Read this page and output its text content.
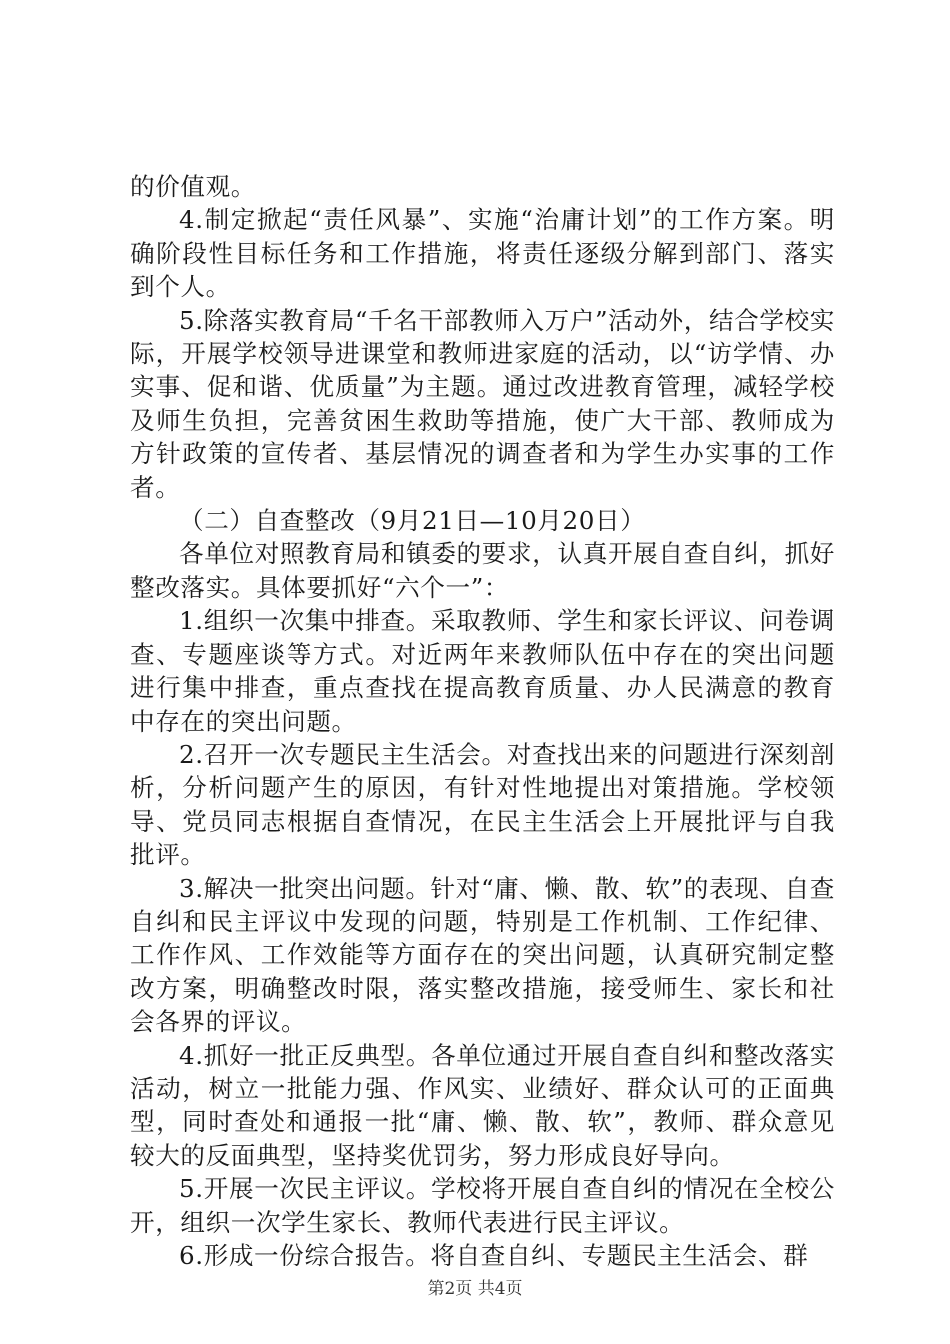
的价值观。

4.制定掀起“责任风暴”、实施“治庸计划”的工作方案。明确阶段性目标任务和工作措施，将责任逐级分解到部门、落实到个人。

5.除落实教育局“千名干部教师入万户”活动外，结合学校实际，开展学校领导进课堂和教师进家庭的活动，以“访学情、办实事、促和谐、优质量”为主题。通过改进教育管理，减轻学校及师生负担，完善贫困生救助等措施，使广大干部、教师成为方针政策的宣传者、基层情况的调查者和为学生办实事的工作者。

（二）自查整改（9月21日—10月20日）

各单位对照教育局和镇委的要求，认真开展自查自纠，抓好整改落实。具体要抓好“六个一”：

1.组织一次集中排查。采取教师、学生和家长评议、问卷调查、专题座谈等方式。对近两年来教师队伍中存在的突出问题进行集中排查，重点查找在提高教育质量、办人民满意的教育中存在的突出问题。

2.召开一次专题民主生活会。对查找出来的问题进行深刻剖析，分析问题产生的原因，有针对性地提出对策措施。学校领导、党员同志根据自查情况，在民主生活会上开展批评与自我批评。

3.解决一批突出问题。针对“庸、懒、散、软”的表现、自查自纠和民主评议中发现的问题，特别是工作机制、工作纪律、工作作风、工作效能等方面存在的突出问题，认真研究制定整改方案，明确整改时限，落实整改措施，接受师生、家长和社会各界的评议。

4.抓好一批正反典型。各单位通过开展自查自纠和整改落实活动，树立一批能力强、作风实、业绩好、群众认可的正面典型，同时查处和通报一批“庸、懒、散、软”，教师、群众意见较大的反面典型，坚持奖优罚劣，努力形成良好导向。

5.开展一次民主评议。学校将开展自查自纠的情况在全校公开，组织一次学生家长、教师代表进行民主评议。

6.形成一份综合报告。将自查自纠、专题民主生活会、群

第2页 共4页
